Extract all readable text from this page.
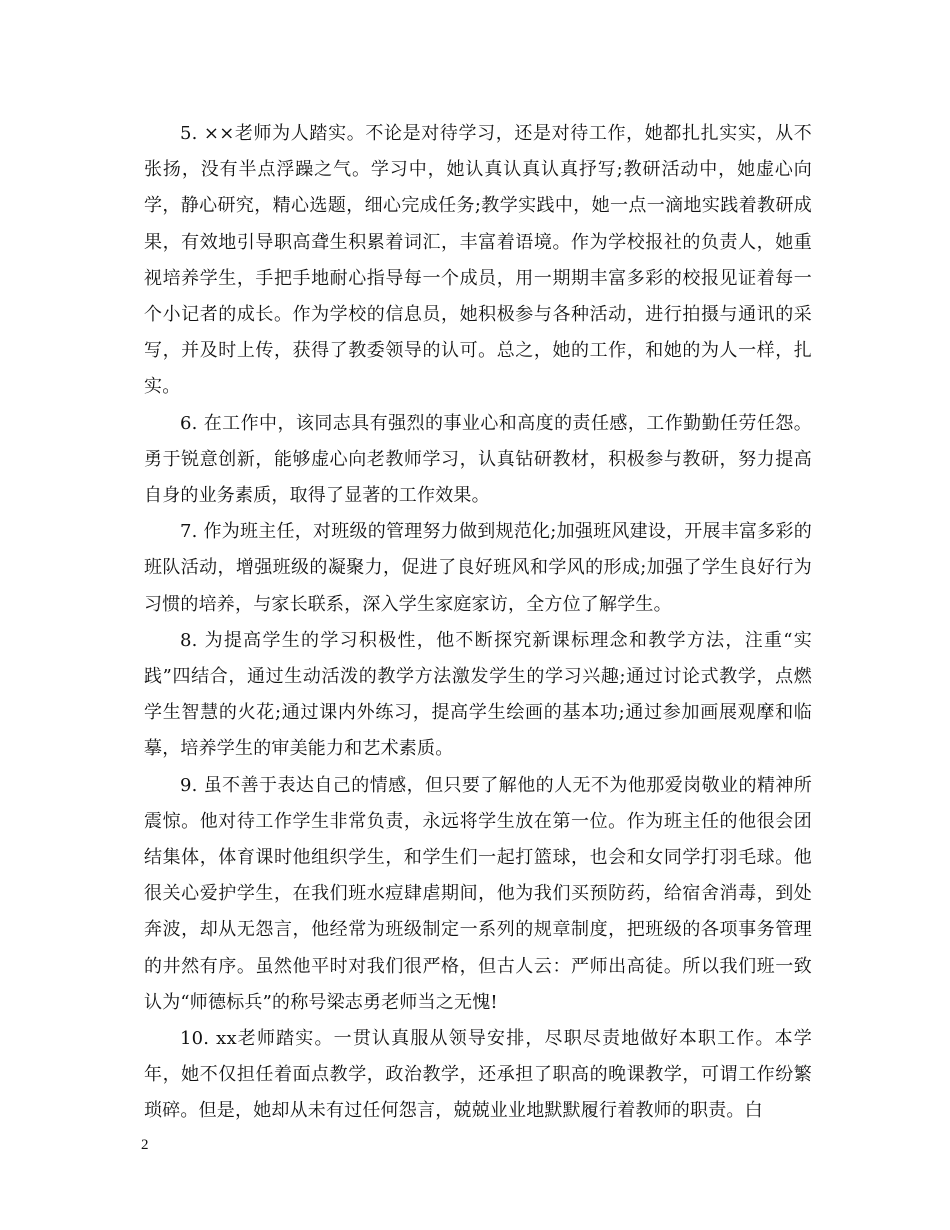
5. ××老师为人踏实。不论是对待学习，还是对待工作，她都扎扎实实，从不张扬，没有半点浮躁之气。学习中，她认真认真认真抒写;教研活动中，她虚心向学，静心研究，精心选题，细心完成任务;教学实践中，她一点一滴地实践着教研成果，有效地引导职高聋生积累着词汇，丰富着语境。作为学校报社的负责人，她重视培养学生，手把手地耐心指导每一个成员，用一期期丰富多彩的校报见证着每一个小记者的成长。作为学校的信息员，她积极参与各种活动，进行拍摄与通讯的采写，并及时上传，获得了教委领导的认可。总之，她的工作，和她的为人一样，扎实。

6. 在工作中，该同志具有强烈的事业心和高度的责任感，工作勤勤任劳任怨。勇于锐意创新，能够虚心向老教师学习，认真钻研教材，积极参与教研，努力提高自身的业务素质，取得了显著的工作效果。

7. 作为班主任，对班级的管理努力做到规范化;加强班风建设，开展丰富多彩的班队活动，增强班级的凝聚力，促进了良好班风和学风的形成;加强了学生良好行为习惯的培养，与家长联系，深入学生家庭家访，全方位了解学生。

8. 为提高学生的学习积极性，他不断探究新课标理念和教学方法，注重“实践”四结合，通过生动活泼的教学方法激发学生的学习兴趣;通过讨论式教学，点燃学生智慧的火花;通过课内外练习，提高学生绘画的基本功;通过参加画展观摩和临摹，培养学生的审美能力和艺术素质。

9. 虽不善于表达自己的情感，但只要了解他的人无不为他那爱岗敬业的精神所震惊。他对待工作学生非常负责，永远将学生放在第一位。作为班主任的他很会团结集体，体育课时他组织学生，和学生们一起打篮球，也会和女同学打羽毛球。他很关心爱护学生，在我们班水痘肆虐期间，他为我们买预防药，给宿舍消毒，到处奔波，却从无怨言，他经常为班级制定一系列的规章制度，把班级的各项事务管理的井然有序。虽然他平时对我们很严格，但古人云：严师出高徒。所以我们班一致认为“师德标兵”的称号梁志勇老师当之无愧!

10. xx老师踏实。一贯认真服从领导安排，尽职尽责地做好本职工作。本学年，她不仅担任着面点教学，政治教学，还承担了职高的晚课教学，可谓工作纷繁琐碎。但是，她却从未有过任何怨言，兢兢业业地默默履行着教师的职责。白

2
